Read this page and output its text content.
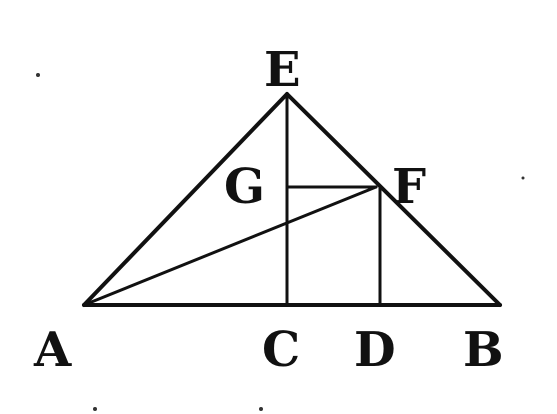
E
G	F
A	C D B
